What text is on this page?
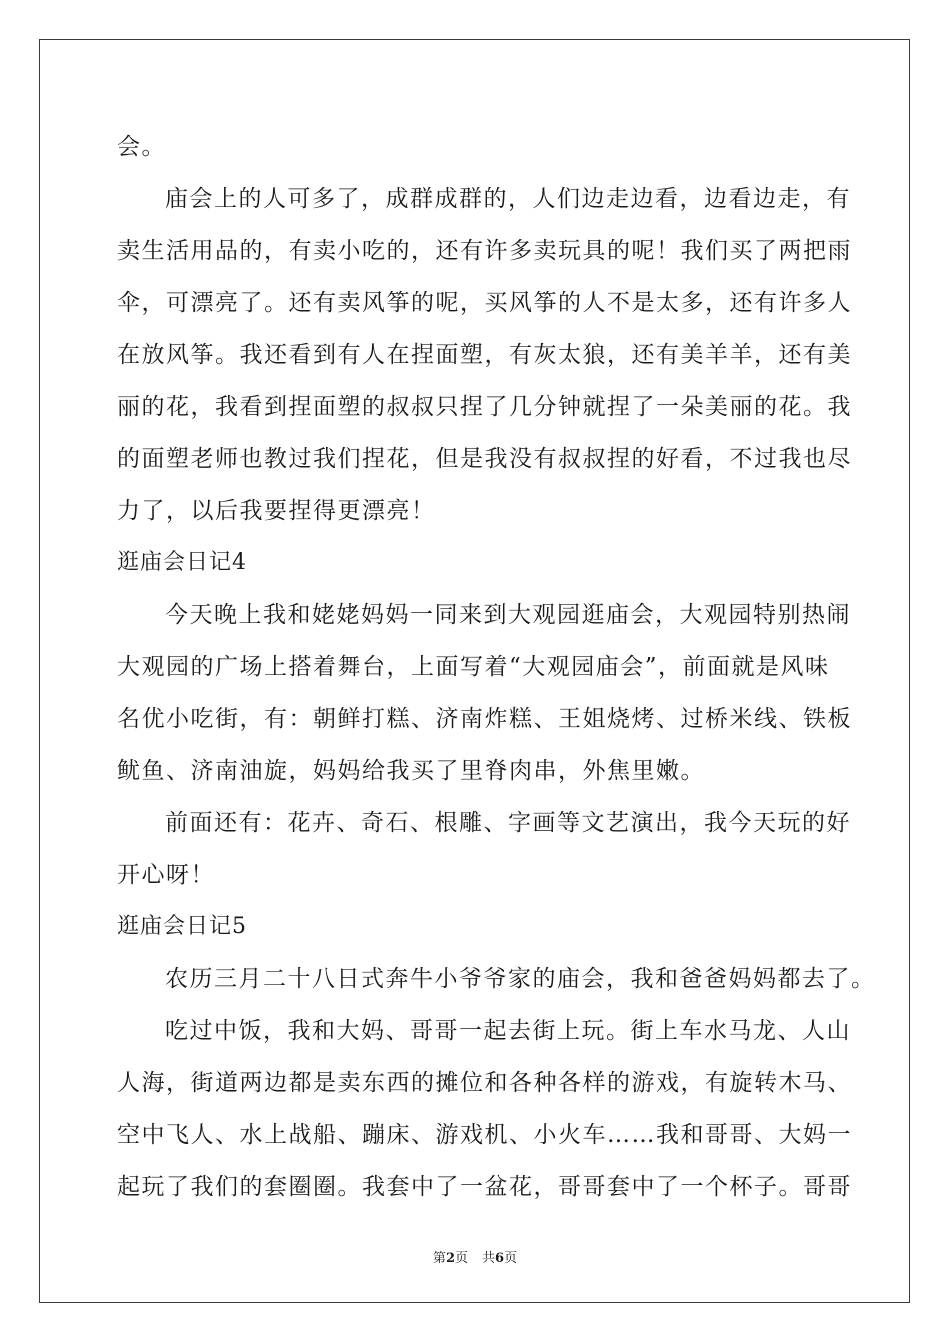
会。
庙会上的人可多了，成群成群的，人们边走边看，边看边走，有
卖生活用品的，有卖小吃的，还有许多卖玩具的呢！我们买了两把雨
伞，可漂亮了。还有卖风筝的呢，买风筝的人不是太多，还有许多人
在放风筝。我还看到有人在捏面塑，有灰太狼，还有美羊羊，还有美
丽的花，我看到捏面塑的叔叔只捏了几分钟就捏了一朵美丽的花。我
的面塑老师也教过我们捏花，但是我没有叔叔捏的好看，不过我也尽
力了，以后我要捏得更漂亮！
逛庙会日记4
今天晚上我和姥姥妈妈一同来到大观园逛庙会，大观园特别热闹
大观园的广场上搭着舞台，上面写着“大观园庙会”，前面就是风味
名优小吃街，有：朝鲜打糕、济南炸糕、王姐烧烤、过桥米线、铁板
鱿鱼、济南油旋，妈妈给我买了里脊肉串，外焦里嫩。
前面还有：花卉、奇石、根雕、字画等文艺演出，我今天玩的好
开心呀！
逛庙会日记5
农历三月二十八日式奔牛小爷爷家的庙会，我和爸爸妈妈都去了。
吃过中饭，我和大妈、哥哥一起去街上玩。街上车水马龙、人山
人海，街道两边都是卖东西的摊位和各种各样的游戏，有旋转木马、
空中飞人、水上战船、蹦床、游戏机、小火车……我和哥哥、大妈一
起玩了我们的套圈圈。我套中了一盆花，哥哥套中了一个杯子。哥哥
第2页 共6页
